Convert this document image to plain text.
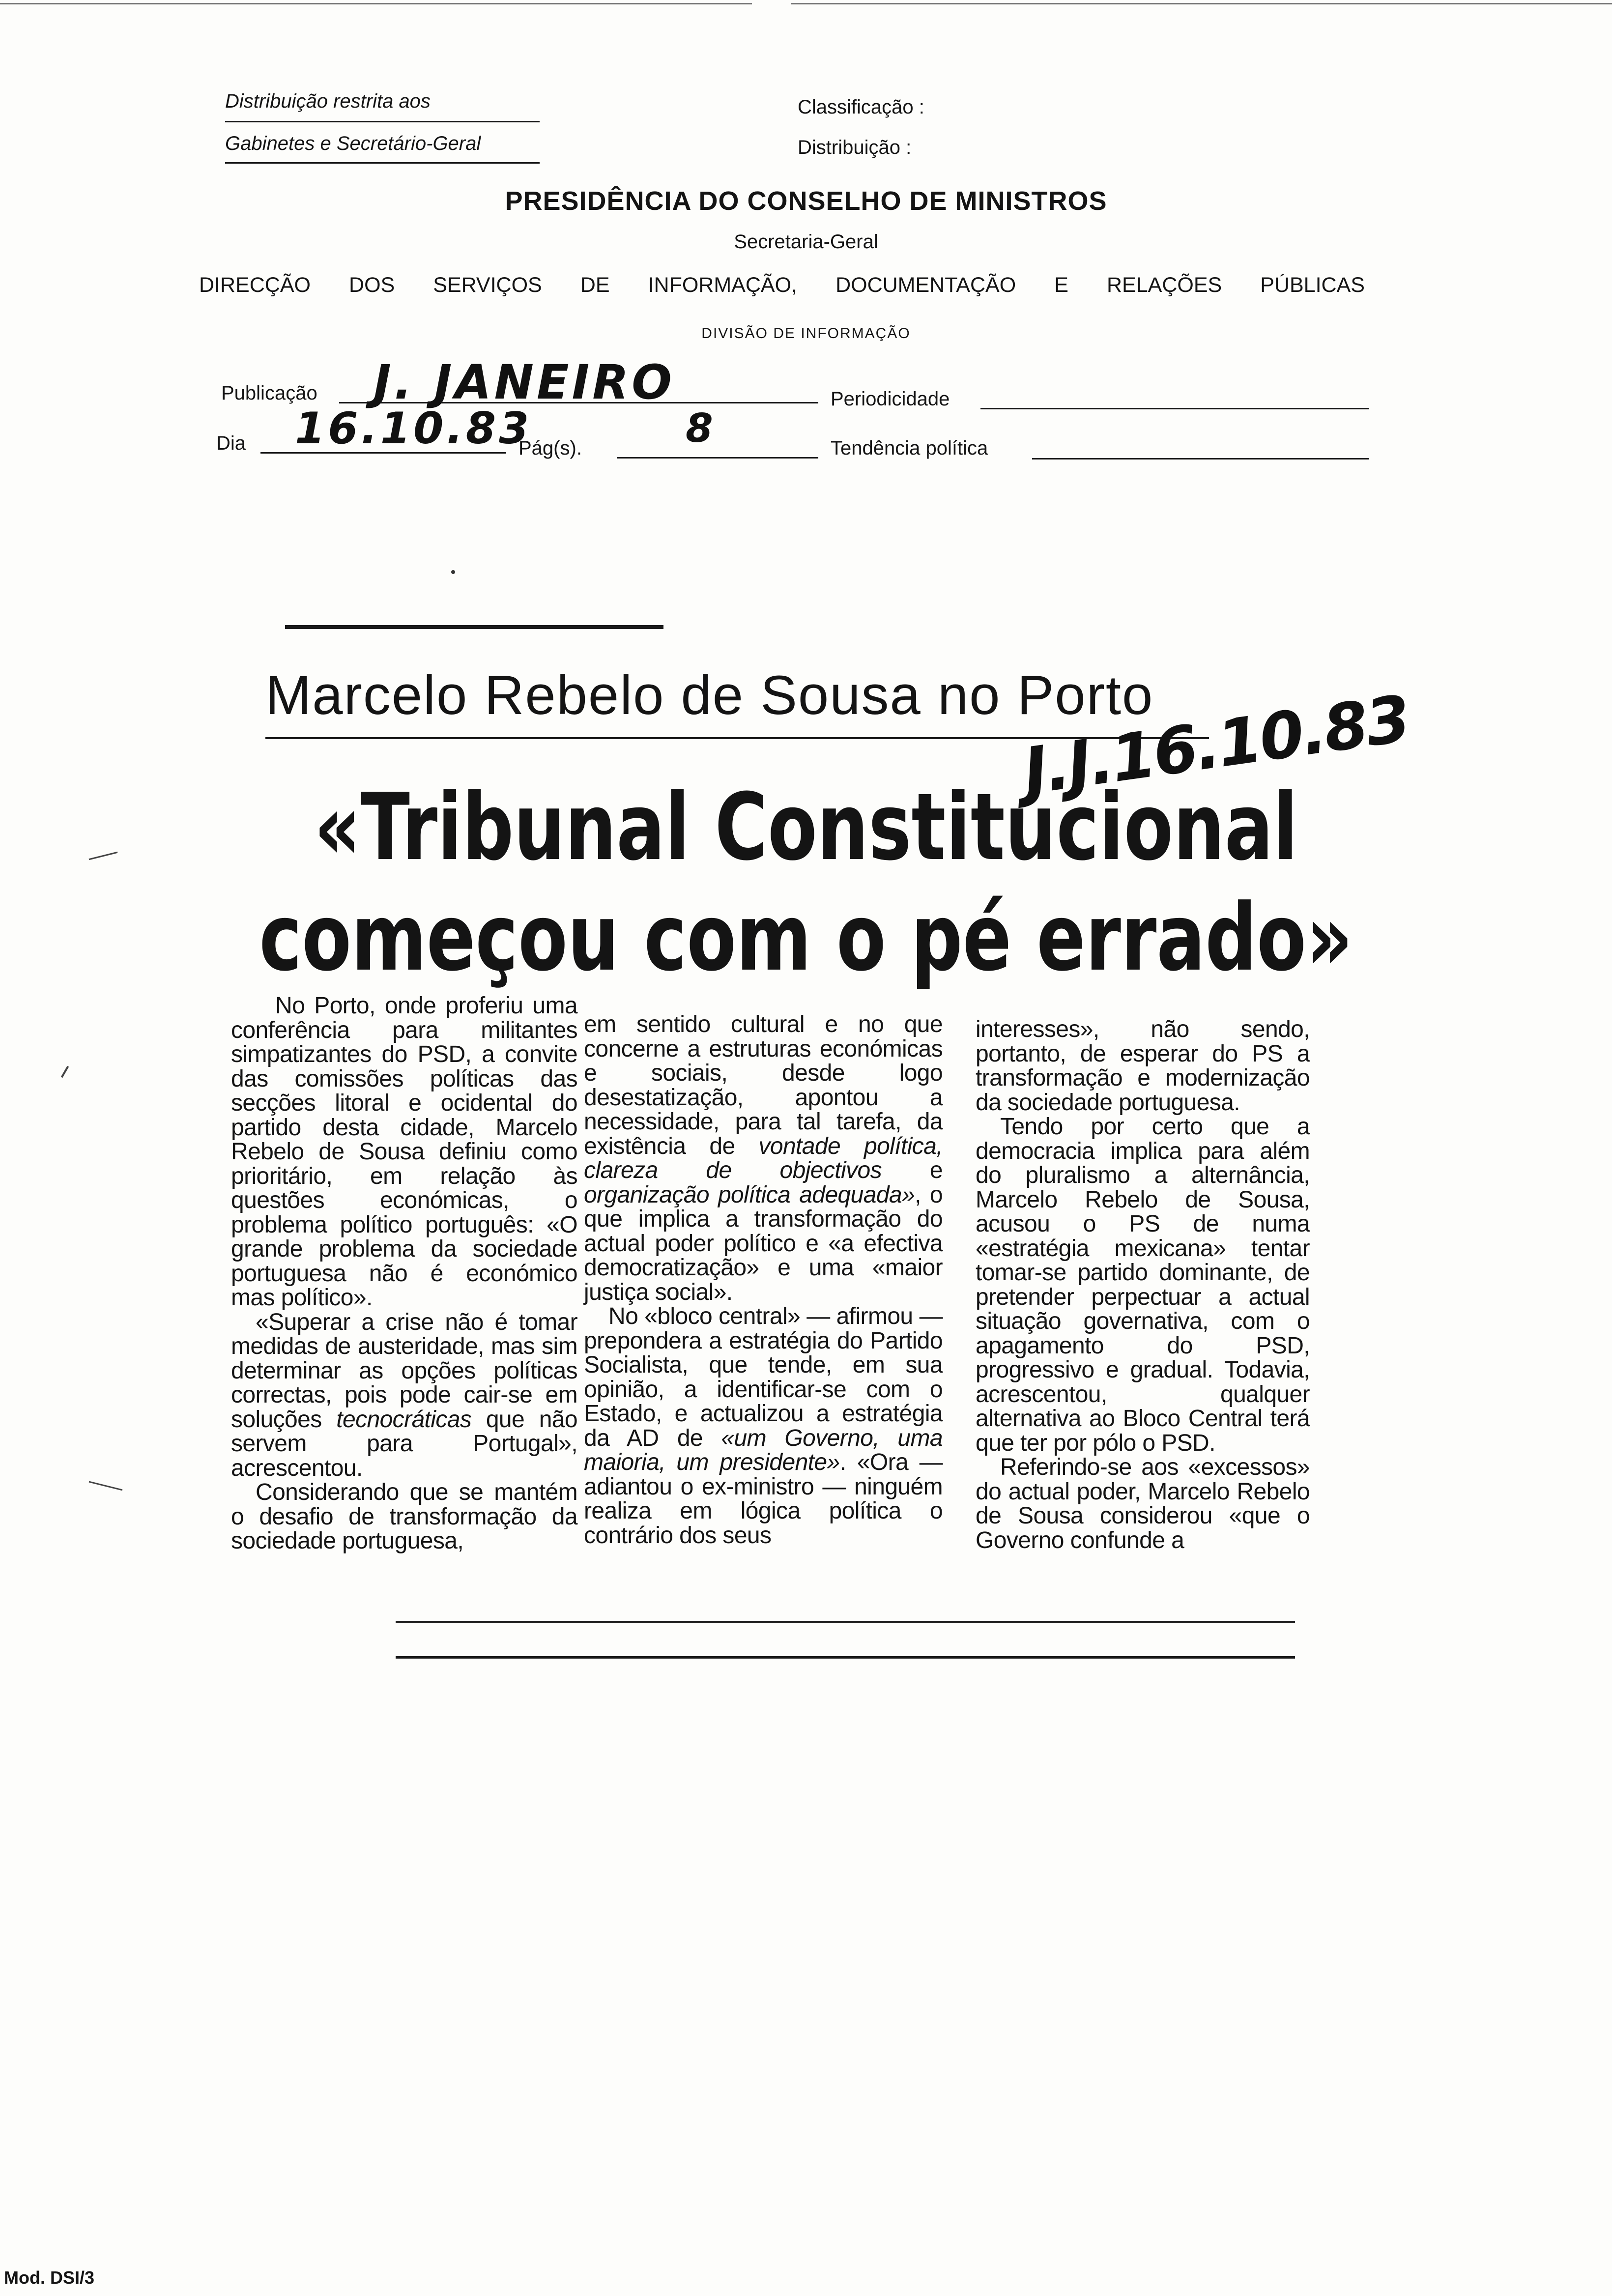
Distribuição restrita aos
Gabinetes e Secretário-Geral
Classificação :
Distribuição :
PRESIDÊNCIA DO CONSELHO DE MINISTROS
Secretaria-Geral
DIRECÇÃO DOS SERVIÇOS DE INFORMAÇÃO, DOCUMENTAÇÃO E RELAÇÕES PÚBLICAS
DIVISÃO DE INFORMAÇÃO
Publicação J. JANEIRO	Periodicidade
Dia 16.10.83
Pág(s).	8	Tendência política
Marcelo Rebelo de Sousa no Porto
J.J.16.10.83
«Tribunal Constitucional
começou com o pé errado»

No Porto, onde proferiu uma conferência para militantes simpatizantes do PSD, a convite das comissões políticas das secções litoral e ocidental do partido desta cidade, Marcelo Rebelo de Sousa definiu como prioritário, em relação às questões económicas, o problema político português: «O grande problema da sociedade portuguesa não é económico mas político».

«Superar a crise não é tomar medidas de austeridade, mas sim determinar as opções políticas correctas, pois pode cair-se em soluções tecnocráticas que não servem para Portugal», acrescentou.

Considerando que se mantém o desafio de transformação da sociedade portuguesa,

em sentido cultural e no que concerne a estruturas económicas e sociais, desde logo desestatização, apontou a necessidade, para tal tarefa, da existência de vontade política, clareza de objectivos e organização política adequada», o que implica a transformação do actual poder político e «a efectiva democratização» e uma «maior justiça social».

No «bloco central» — afirmou — prepondera a estratégia do Partido Socialista, que tende, em sua opinião, a identificar-se com o Estado, e actualizou a estratégia da AD de «um Governo, uma maioria, um presidente». «Ora — adiantou o ex-ministro — ninguém realiza em lógica política o contrário dos seus

interesses», não sendo, portanto, de esperar do PS a transformação e modernização da sociedade portuguesa.

Tendo por certo que a democracia implica para além do pluralismo a alternância, Marcelo Rebelo de Sousa, acusou o PS de numa «estratégia mexicana» tentar tomar-se partido dominante, de pretender perpectuar a actual situação governativa, com o apagamento do PSD, progressivo e gradual. Todavia, acrescentou, qualquer alternativa ao Bloco Central terá que ter por pólo o PSD.

Referindo-se aos «excessos» do actual poder, Marcelo Rebelo de Sousa considerou «que o Governo confunde a

Mod. DSI/3
